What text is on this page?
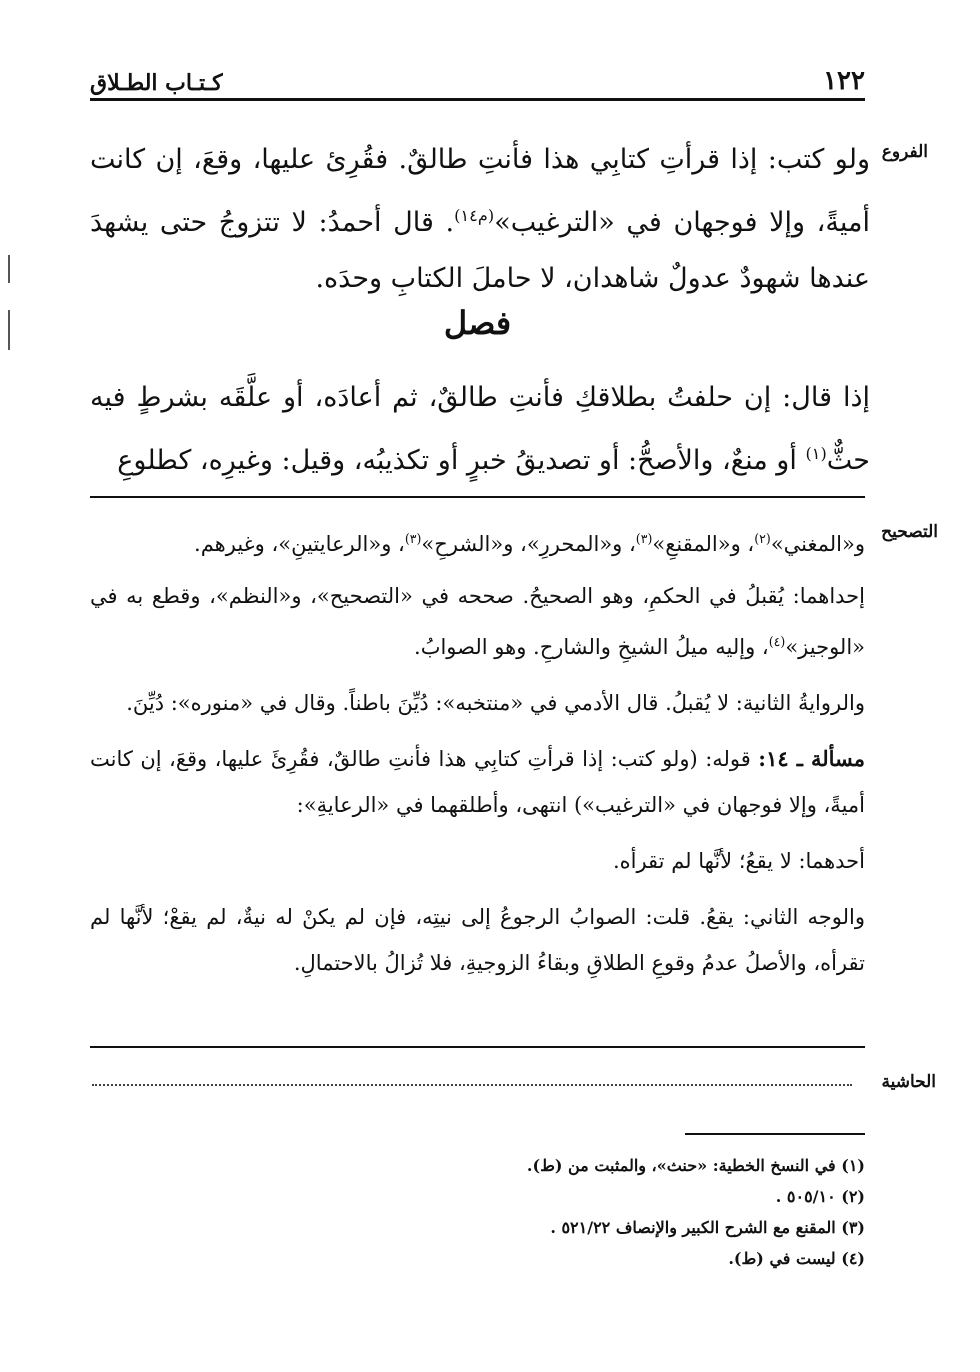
١٢٢
كـتـاب الطـلاق
الفروع

ولو كتب: إذا قرأتِ كتابِي هذا فأنتِ طالقٌ. فقُرِئ عليها، وقعَ، إن كانت أميةً، وإلا فوجهان في «الترغيب»$^{(م١٤)}$. قال أحمدُ: لا تتزوجُ حتى يشهدَ عندها شهودٌ عدولٌ شاهدان، لا حاملَ الكتابِ وحدَه.

فصل

إذا قال: إن حلفتُ بطلاقكِ فأنتِ طالقٌ، ثم أعادَه، أو علَّقَه بشرطٍ فيه حثٌّ$^{(١)}$ أو منعٌ، والأصحُّ: أو تصديقُ خبرٍ أو تكذيبُه، وقيل: وغيرِه، كطلوعِ

التصحيح

و«المغني»$^{(٢)}$، و«المقنعِ»$^{(٣)}$، و«المحررِ»، و«الشرحِ»$^{(٣)}$، و«الرعايتينِ»، وغيرهم.

إحداهما: يُقبلُ في الحكمِ، وهو الصحيحُ. صححه في «التصحيح»، و«النظم»، وقطع به في «الوجيز»$^{(٤)}$، وإليه ميلُ الشيخِ والشارحِ. وهو الصوابُ.

والروايةُ الثانية: لا يُقبلُ. قال الأدمي في «منتخبه»: دُيِّنَ باطناً. وقال في «منوره»: دُيِّنَ.

مسألة ـ ١٤: قوله: (ولو كتب: إذا قرأتِ كتابِي هذا فأنتِ طالقٌ، فقُرِئَ عليها، وقعَ، إن كانت أميةً، وإلا فوجهان في «الترغيب») انتهى، وأطلقهما في «الرعايةِ»:

أحدهما: لا يقعُ؛ لأنَّها لم تقرأه.

والوجه الثاني: يقعُ. قلت: الصوابُ الرجوعُ إلى نيتِه، فإن لم يكنْ له نيةٌ، لم يقعْ؛ لأنَّها لم تقرأه، والأصلُ عدمُ وقوعِ الطلاقِ وبقاءُ الزوجيةِ، فلا تُزالُ بالاحتمالِ.

الحاشية
(١) في النسخ الخطية: «حنث»، والمثبت من (ط).
(٢) ٥٠٥/١٠ .
(٣) المقنع مع الشرح الكبير والإنصاف ٥٢١/٢٢ .
(٤) ليست في (ط).
